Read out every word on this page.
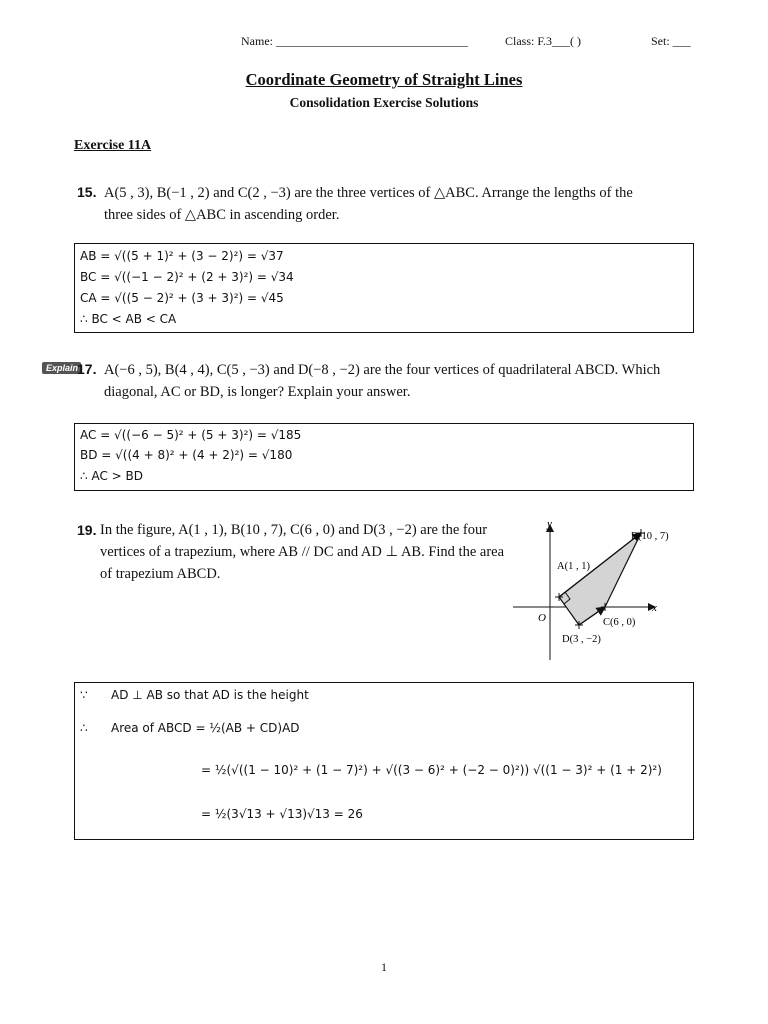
Name: ________________________________	Class: F.3___( )	Set: ___
Coordinate Geometry of Straight Lines
Consolidation Exercise Solutions
Exercise 11A
15. A(5 , 3), B(−1 , 2) and C(2 , −3) are the three vertices of △ABC. Arrange the lengths of the
three sides of △ABC in ascending order.
AB = √((5 + 1)² + (3 − 2)²) = √37
BC = √((−1 − 2)² + (2 + 3)²) = √34
CA = √((5 − 2)² + (3 + 3)²) = √45
∴ BC < AB < CA
Explain
17. A(−6 , 5), B(4 , 4), C(5 , −3) and D(−8 , −2) are the four vertices of quadrilateral ABCD. Which
diagonal, AC or BD, is longer? Explain your answer.
AC = √((−6 − 5)² + (5 + 3)²) = √185
BD = √((4 + 8)² + (4 + 2)²) = √180
∴ AC > BD
19. In the figure, A(1 , 1), B(10 , 7), C(6 , 0) and D(3 , −2) are the four
vertices of a trapezium, where AB // DC and AD ⊥ AB. Find the area
of trapezium ABCD.
y
x
O
A(1 , 1)
B(10 , 7)
C(6 , 0)
D(3 , −2)
∵ AD ⊥ AB so that AD is the height
∴ Area of ABCD = ½(AB + CD)AD
= ½(√((1 − 10)² + (1 − 7)²) + √((3 − 6)² + (−2 − 0)²)) √((1 − 3)² + (1 + 2)²)
= ½(3√13 + √13)√13 = 26
1
